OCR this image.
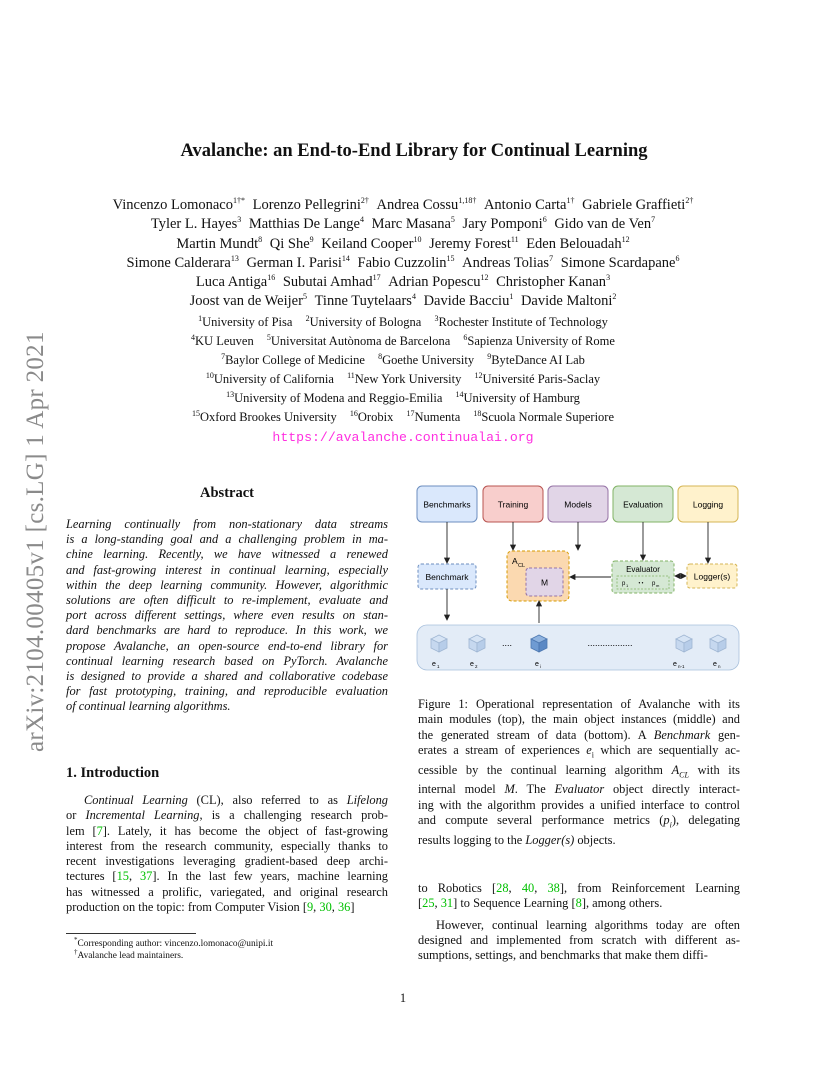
arXiv:2104.00405v1 [cs.LG] 1 Apr 2021
Avalanche: an End-to-End Library for Continual Learning
Vincenzo Lomonaco$^{1\dagger*}$ Lorenzo Pellegrini$^{2\dagger}$ Andrea Cossu$^{1,18\dagger}$ Antonio Carta$^{1\dagger}$ Gabriele Graffieti$^{2\dagger}$
Tyler L. Hayes$^3$ Matthias De Lange$^4$ Marc Masana$^5$ Jary Pomponi$^6$ Gido van de Ven$^7$
Martin Mundt$^8$ Qi She$^9$ Keiland Cooper$^{10}$ Jeremy Forest$^{11}$ Eden Belouadah$^{12}$
Simone Calderara$^{13}$ German I. Parisi$^{14}$ Fabio Cuzzolin$^{15}$ Andreas Tolias$^7$ Simone Scardapane$^6$
Luca Antiga$^{16}$ Subutai Amhad$^{17}$ Adrian Popescu$^{12}$ Christopher Kanan$^3$
Joost van de Weijer$^5$ Tinne Tuytelaars$^4$ Davide Bacciu$^1$ Davide Maltoni$^2$
$^1$University of Pisa $^2$University of Bologna $^3$Rochester Institute of Technology
$^4$KU Leuven $^5$Universitat Autònoma de Barcelona $^6$Sapienza University of Rome
$^7$Baylor College of Medicine $^8$Goethe University $^9$ByteDance AI Lab
$^{10}$University of California $^{11}$New York University $^{12}$Université Paris-Saclay
$^{13}$University of Modena and Reggio-Emilia $^{14}$University of Hamburg
$^{15}$Oxford Brookes University $^{16}$Orobix $^{17}$Numenta $^{18}$Scuola Normale Superiore
https://avalanche.continualai.org
Abstract
Learning continually from non-stationary data streams
is a long-standing goal and a challenging problem in ma-
chine learning. Recently, we have witnessed a renewed
and fast-growing interest in continual learning, especially
within the deep learning community. However, algorithmic
solutions are often difficult to re-implement, evaluate and
port across different settings, where even results on stan-
dard benchmarks are hard to reproduce. In this work, we
propose Avalanche, an open-source end-to-end library for
continual learning research based on PyTorch. Avalanche
is designed to provide a shared and collaborative codebase
for fast prototyping, training, and reproducible evaluation
of continual learning algorithms.
1. Introduction
Continual Learning (CL), also referred to as Lifelong
or Incremental Learning, is a challenging research prob-
lem [7]. Lately, it has become the object of fast-growing
interest from the research community, especially thanks to
recent investigations leveraging gradient-based deep archi-
tectures [15, 37]. In the last few years, machine learning
has witnessed a prolific, variegated, and original research
production on the topic: from Computer Vision [9, 30, 36]
*Corresponding author: vincenzo.lomonaco@unipi.it
†Avalanche lead maintainers.
Benchmarks	Training	Models	Evaluation	Logging
Benchmark
A CL
M
Evaluator
p 1 • • p m
Logger(s)
....	..................
e 1	e 2	e i	e n-1	e n
Figure 1: Operational representation of Avalanche with its
main modules (top), the main object instances (middle) and
the generated stream of data (bottom). A Benchmark gen-
erates a stream of experiences $e_i$ which are sequentially ac-
cessible by the continual learning algorithm $A_{CL}$ with its
internal model M. The Evaluator object directly interact-
ing with the algorithm provides a unified interface to control
and compute several performance metrics $(p_i)$, delegating
results logging to the Logger(s) objects.
to Robotics [28, 40, 38], from Reinforcement Learning
[25, 31] to Sequence Learning [8], among others.

However, continual learning algorithms today are often
designed and implemented from scratch with different as-
sumptions, settings, and benchmarks that make them diffi-
1
